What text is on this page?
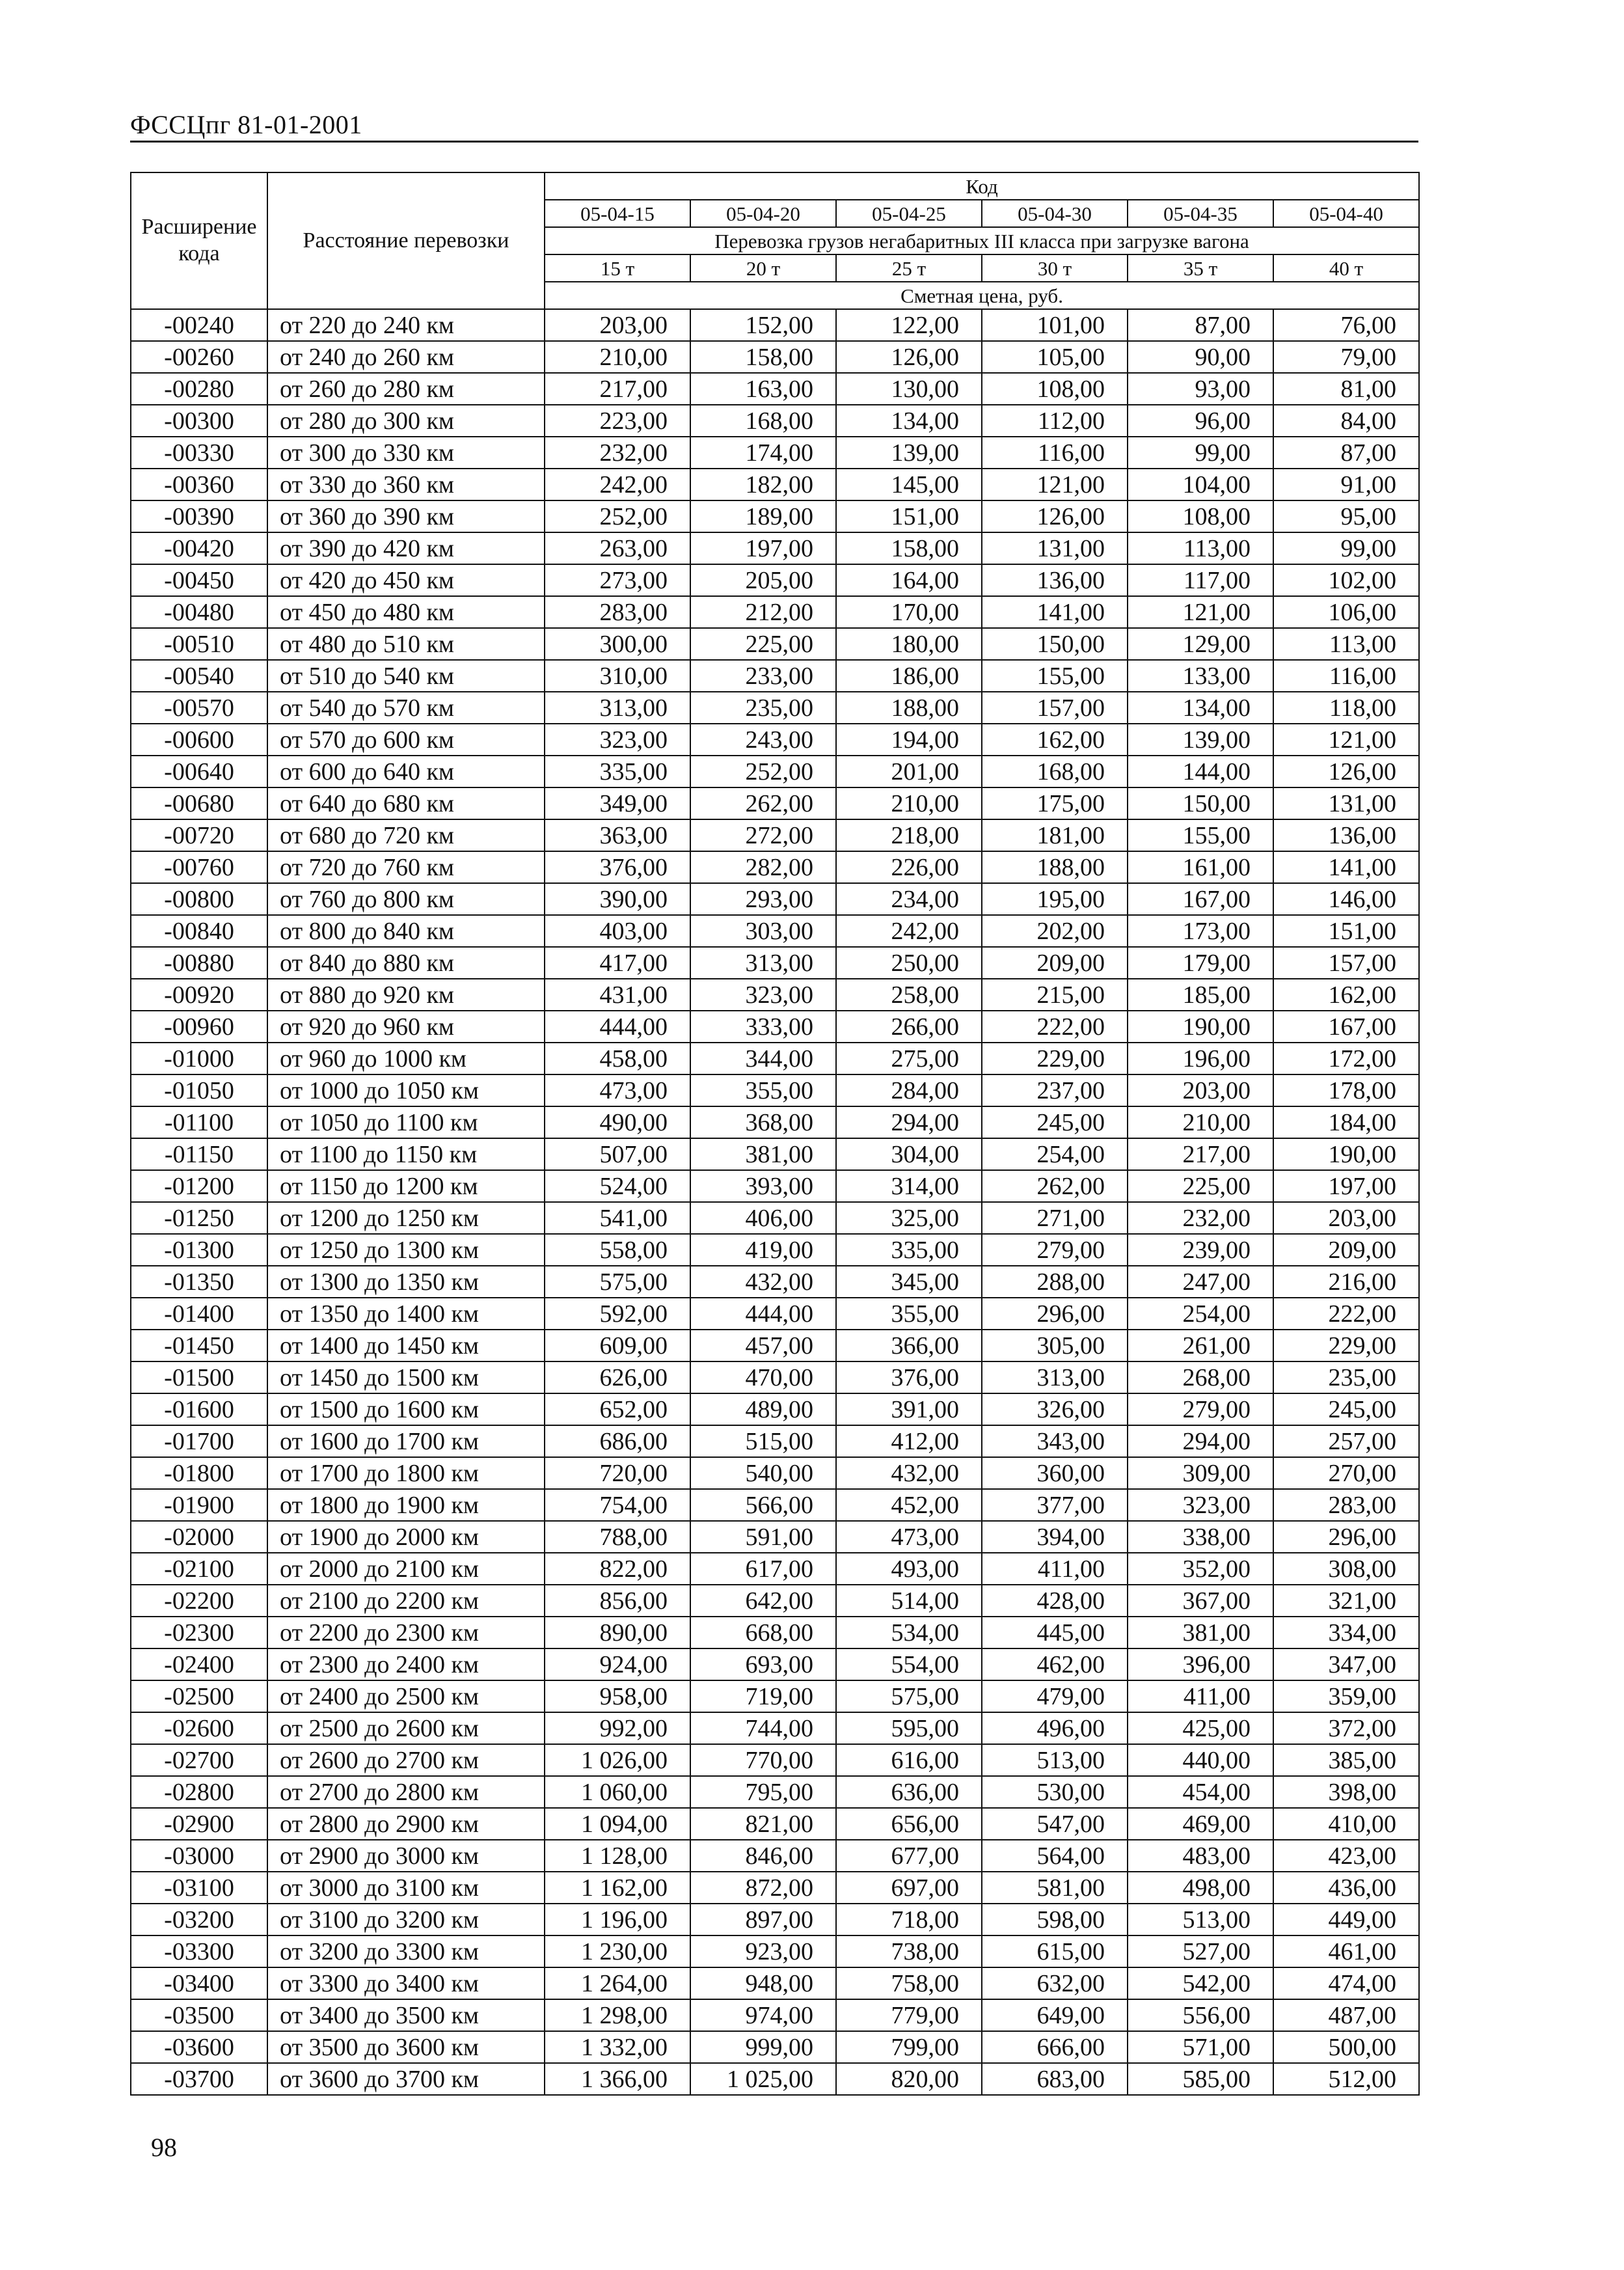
ФССЦпг 81-01-2001
Расширение кода	Расстояние перевозки	Код					
		05-04-15	05-04-20	05-04-25	05-04-30	05-04-35	05-04-40
		Перевозка грузов негабаритных III класса при загрузке вагона					
		15 т	20 т	25 т	30 т	35 т	40 т
		Сметная цена, руб.					
-00240	от 220 до 240 км	203,00	152,00	122,00	101,00	87,00	76,00
-00260	от 240 до 260 км	210,00	158,00	126,00	105,00	90,00	79,00
-00280	от 260 до 280 км	217,00	163,00	130,00	108,00	93,00	81,00
-00300	от 280 до 300 км	223,00	168,00	134,00	112,00	96,00	84,00
-00330	от 300 до 330 км	232,00	174,00	139,00	116,00	99,00	87,00
-00360	от 330 до 360 км	242,00	182,00	145,00	121,00	104,00	91,00
-00390	от 360 до 390 км	252,00	189,00	151,00	126,00	108,00	95,00
-00420	от 390 до 420 км	263,00	197,00	158,00	131,00	113,00	99,00
-00450	от 420 до 450 км	273,00	205,00	164,00	136,00	117,00	102,00
-00480	от 450 до 480 км	283,00	212,00	170,00	141,00	121,00	106,00
-00510	от 480 до 510 км	300,00	225,00	180,00	150,00	129,00	113,00
-00540	от 510 до 540 км	310,00	233,00	186,00	155,00	133,00	116,00
-00570	от 540 до 570 км	313,00	235,00	188,00	157,00	134,00	118,00
-00600	от 570 до 600 км	323,00	243,00	194,00	162,00	139,00	121,00
-00640	от 600 до 640 км	335,00	252,00	201,00	168,00	144,00	126,00
-00680	от 640 до 680 км	349,00	262,00	210,00	175,00	150,00	131,00
-00720	от 680 до 720 км	363,00	272,00	218,00	181,00	155,00	136,00
-00760	от 720 до 760 км	376,00	282,00	226,00	188,00	161,00	141,00
-00800	от 760 до 800 км	390,00	293,00	234,00	195,00	167,00	146,00
-00840	от 800 до 840 км	403,00	303,00	242,00	202,00	173,00	151,00
-00880	от 840 до 880 км	417,00	313,00	250,00	209,00	179,00	157,00
-00920	от 880 до 920 км	431,00	323,00	258,00	215,00	185,00	162,00
-00960	от 920 до 960 км	444,00	333,00	266,00	222,00	190,00	167,00
-01000	от 960 до 1000 км	458,00	344,00	275,00	229,00	196,00	172,00
-01050	от 1000 до 1050 км	473,00	355,00	284,00	237,00	203,00	178,00
-01100	от 1050 до 1100 км	490,00	368,00	294,00	245,00	210,00	184,00
-01150	от 1100 до 1150 км	507,00	381,00	304,00	254,00	217,00	190,00
-01200	от 1150 до 1200 км	524,00	393,00	314,00	262,00	225,00	197,00
-01250	от 1200 до 1250 км	541,00	406,00	325,00	271,00	232,00	203,00
-01300	от 1250 до 1300 км	558,00	419,00	335,00	279,00	239,00	209,00
-01350	от 1300 до 1350 км	575,00	432,00	345,00	288,00	247,00	216,00
-01400	от 1350 до 1400 км	592,00	444,00	355,00	296,00	254,00	222,00
-01450	от 1400 до 1450 км	609,00	457,00	366,00	305,00	261,00	229,00
-01500	от 1450 до 1500 км	626,00	470,00	376,00	313,00	268,00	235,00
-01600	от 1500 до 1600 км	652,00	489,00	391,00	326,00	279,00	245,00
-01700	от 1600 до 1700 км	686,00	515,00	412,00	343,00	294,00	257,00
-01800	от 1700 до 1800 км	720,00	540,00	432,00	360,00	309,00	270,00
-01900	от 1800 до 1900 км	754,00	566,00	452,00	377,00	323,00	283,00
-02000	от 1900 до 2000 км	788,00	591,00	473,00	394,00	338,00	296,00
-02100	от 2000 до 2100 км	822,00	617,00	493,00	411,00	352,00	308,00
-02200	от 2100 до 2200 км	856,00	642,00	514,00	428,00	367,00	321,00
-02300	от 2200 до 2300 км	890,00	668,00	534,00	445,00	381,00	334,00
-02400	от 2300 до 2400 км	924,00	693,00	554,00	462,00	396,00	347,00
-02500	от 2400 до 2500 км	958,00	719,00	575,00	479,00	411,00	359,00
-02600	от 2500 до 2600 км	992,00	744,00	595,00	496,00	425,00	372,00
-02700	от 2600 до 2700 км	1 026,00	770,00	616,00	513,00	440,00	385,00
-02800	от 2700 до 2800 км	1 060,00	795,00	636,00	530,00	454,00	398,00
-02900	от 2800 до 2900 км	1 094,00	821,00	656,00	547,00	469,00	410,00
-03000	от 2900 до 3000 км	1 128,00	846,00	677,00	564,00	483,00	423,00
-03100	от 3000 до 3100 км	1 162,00	872,00	697,00	581,00	498,00	436,00
-03200	от 3100 до 3200 км	1 196,00	897,00	718,00	598,00	513,00	449,00
-03300	от 3200 до 3300 км	1 230,00	923,00	738,00	615,00	527,00	461,00
-03400	от 3300 до 3400 км	1 264,00	948,00	758,00	632,00	542,00	474,00
-03500	от 3400 до 3500 км	1 298,00	974,00	779,00	649,00	556,00	487,00
-03600	от 3500 до 3600 км	1 332,00	999,00	799,00	666,00	571,00	500,00
-03700	от 3600 до 3700 км	1 366,00	1 025,00	820,00	683,00	585,00	512,00
98
